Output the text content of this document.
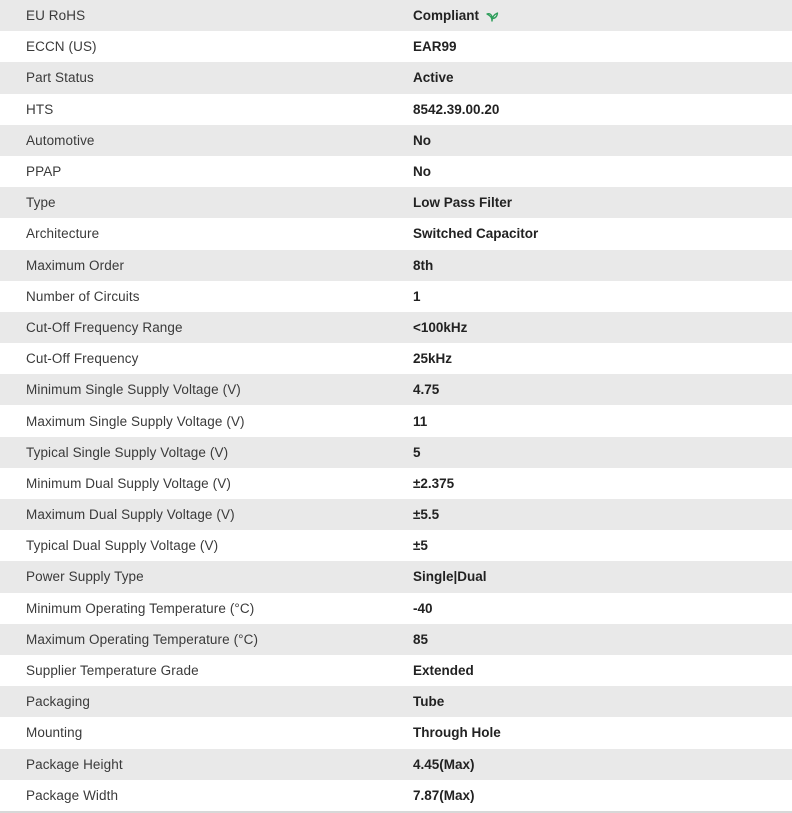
EU RoHS	Compliant

ECCN (US)	EAR99
Part Status	Active
HTS	8542.39.00.20
Automotive	No
PPAP	No
Type	Low Pass Filter
Architecture	Switched Capacitor
Maximum Order	8th
Number of Circuits	1
Cut-Off Frequency Range	<100kHz
Cut-Off Frequency	25kHz
Minimum Single Supply Voltage (V)	4.75
Maximum Single Supply Voltage (V)	11
Typical Single Supply Voltage (V)	5
Minimum Dual Supply Voltage (V)	±2.375
Maximum Dual Supply Voltage (V)	±5.5
Typical Dual Supply Voltage (V)	±5
Power Supply Type	Single|Dual
Minimum Operating Temperature (°C)	-40
Maximum Operating Temperature (°C)	85
Supplier Temperature Grade	Extended
Packaging	Tube
Mounting	Through Hole
Package Height	4.45(Max)
Package Width	7.87(Max)
